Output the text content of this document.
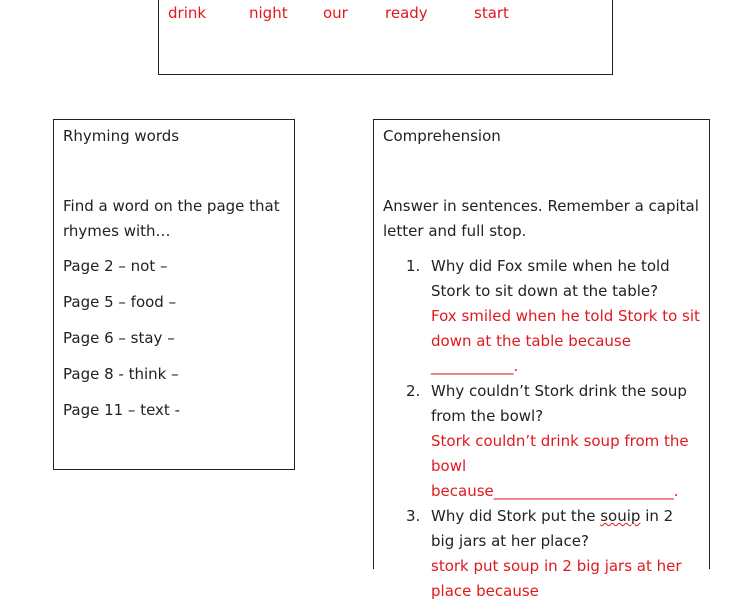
drink	night our ready	start

Rhyming words

Find a word on the page that rhymes with…

Page 2 – not –
Page 5 – food –
Page 6 – stay –
Page 8 - think –
Page 11 – text -

Comprehension

Answer in sentences. Remember a capital letter and full stop.

1. Why did Fox smile when he told Stork to sit down at the table?
Fox smiled when he told Stork to sit down at the table because ___________.
2. Why couldn’t Stork drink the soup from the bowl?
Stork couldn’t drink soup from the bowl because________________________.
3. Why did Stork put the souip in 2 big jars at her place?
stork put soup in 2 big jars at her place because
